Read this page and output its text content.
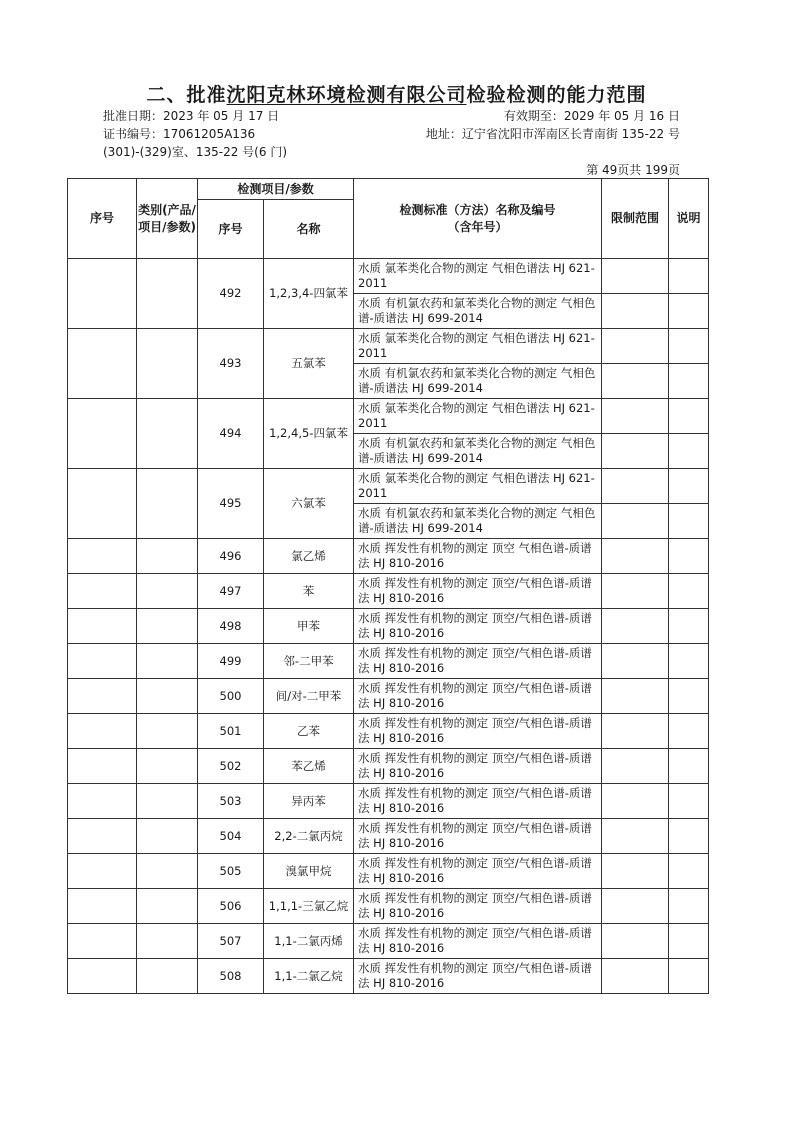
二、批准沈阳克林环境检测有限公司检验检测的能力范围
批准日期：2023 年 05 月 17 日	有效期至：2029 年 05 月 16 日
证书编号：17061205A136	地址：辽宁省沈阳市浑南区长青南街 135-22 号
(301)-(329)室、135-22 号(6 门)
第 49页共 199页
序号	类别(产品/项目/参数)	检测项目/参数		检测标准（方法）名称及编号（含年号）	限制范围	说明
		序号	名称			
		492	1,2,3,4-四氯苯	水质 氯苯类化合物的测定 气相色谱法 HJ 621-2011		
				水质 有机氯农药和氯苯类化合物的测定 气相色谱-质谱法 HJ 699-2014		
		493	五氯苯	水质 氯苯类化合物的测定 气相色谱法 HJ 621-2011		
				水质 有机氯农药和氯苯类化合物的测定 气相色谱-质谱法 HJ 699-2014		
		494	1,2,4,5-四氯苯	水质 氯苯类化合物的测定 气相色谱法 HJ 621-2011		
				水质 有机氯农药和氯苯类化合物的测定 气相色谱-质谱法 HJ 699-2014		
		495	六氯苯	水质 氯苯类化合物的测定 气相色谱法 HJ 621-2011		
				水质 有机氯农药和氯苯类化合物的测定 气相色谱-质谱法 HJ 699-2014		
		496	氯乙烯	水质 挥发性有机物的测定 顶空 气相色谱-质谱法 HJ 810-2016		
		497	苯	水质 挥发性有机物的测定 顶空/气相色谱-质谱法 HJ 810-2016		
		498	甲苯	水质 挥发性有机物的测定 顶空/气相色谱-质谱法 HJ 810-2016		
		499	邻-二甲苯	水质 挥发性有机物的测定 顶空/气相色谱-质谱法 HJ 810-2016		
		500	间/对-二甲苯	水质 挥发性有机物的测定 顶空/气相色谱-质谱法 HJ 810-2016		
		501	乙苯	水质 挥发性有机物的测定 顶空/气相色谱-质谱法 HJ 810-2016		
		502	苯乙烯	水质 挥发性有机物的测定 顶空/气相色谱-质谱法 HJ 810-2016		
		503	异丙苯	水质 挥发性有机物的测定 顶空/气相色谱-质谱法 HJ 810-2016		
		504	2,2-二氯丙烷	水质 挥发性有机物的测定 顶空/气相色谱-质谱法 HJ 810-2016		
		505	溴氯甲烷	水质 挥发性有机物的测定 顶空/气相色谱-质谱法 HJ 810-2016		
		506	1,1,1-三氯乙烷	水质 挥发性有机物的测定 顶空/气相色谱-质谱法 HJ 810-2016		
		507	1,1-二氯丙烯	水质 挥发性有机物的测定 顶空/气相色谱-质谱法 HJ 810-2016		
		508	1,1-二氯乙烷	水质 挥发性有机物的测定 顶空/气相色谱-质谱法 HJ 810-2016		
